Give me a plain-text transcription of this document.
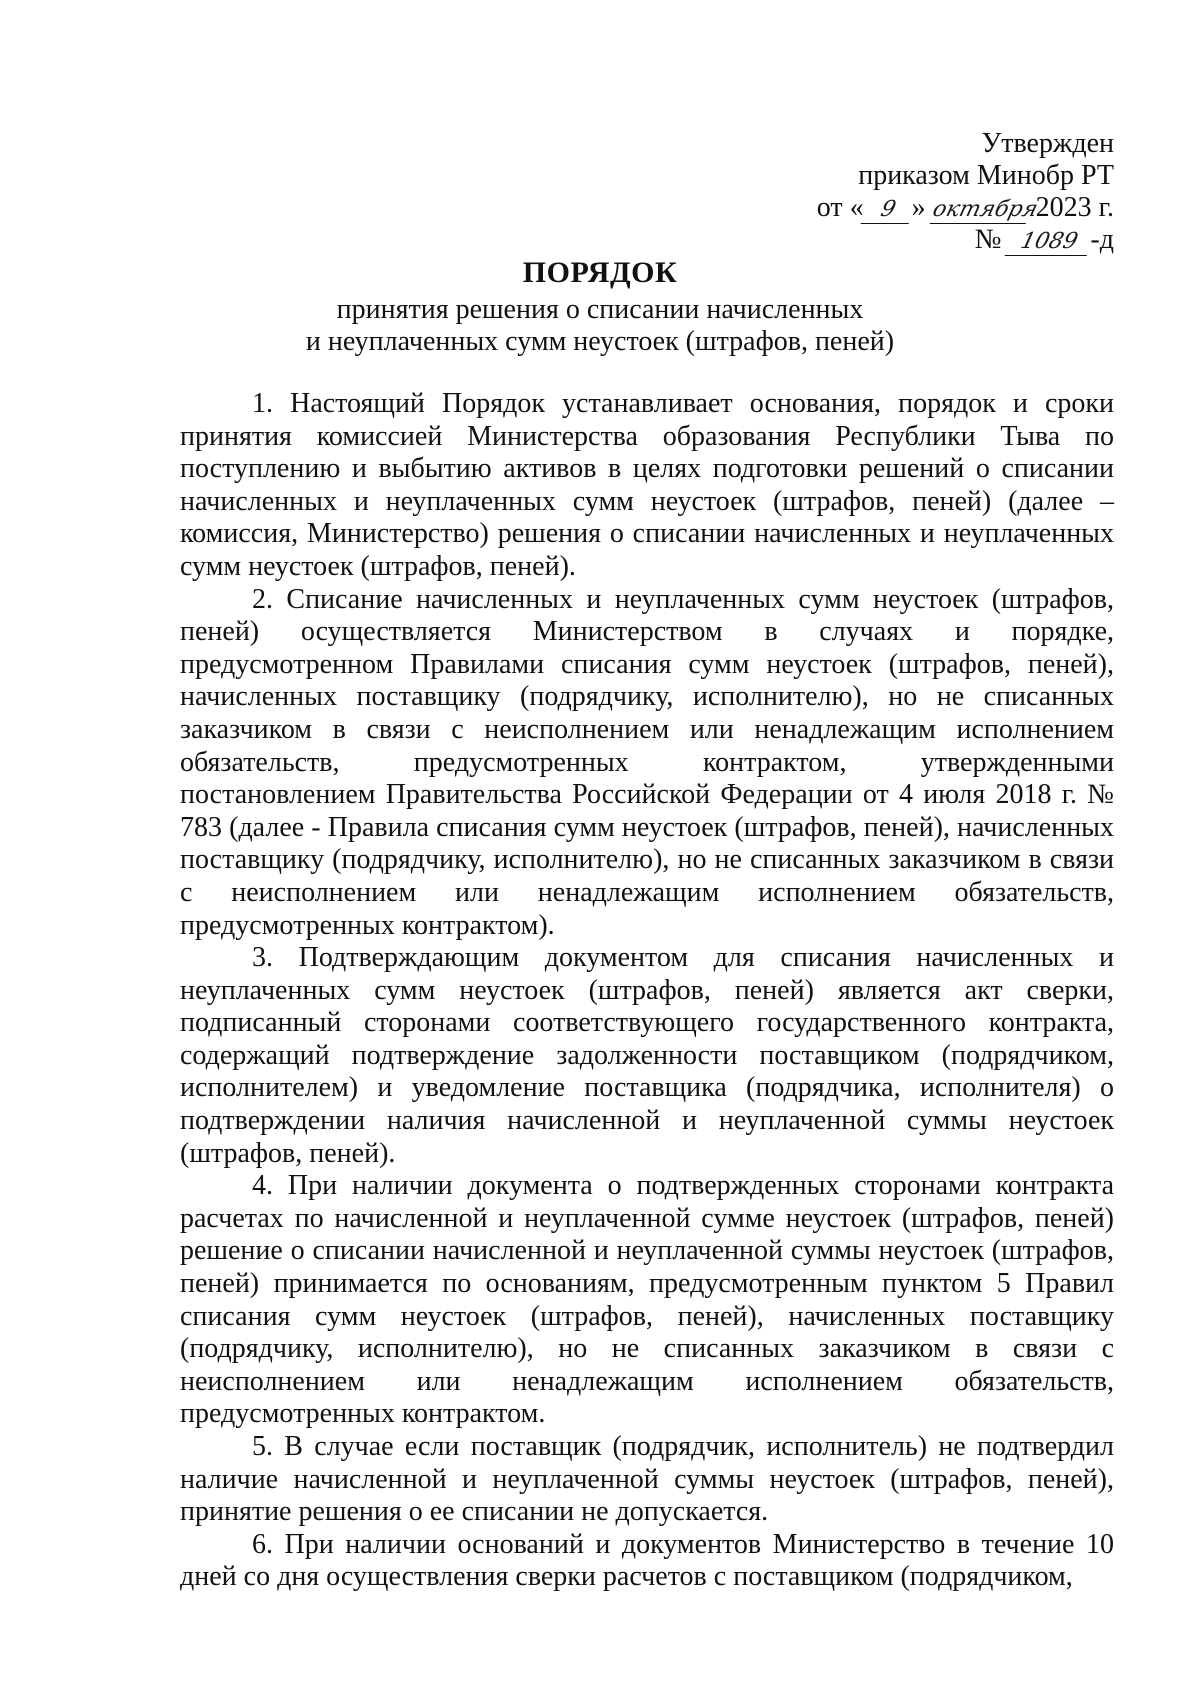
Утвержден
приказом Минобр РТ
от « 9 » октября 2023 г.
№ 1089 -д
ПОРЯДОК
принятия решения о списании начисленных
и неуплаченных сумм неустоек (штрафов, пеней)

1. Настоящий Порядок устанавливает основания, порядок и сроки принятия комиссией Министерства образования Республики Тыва по поступлению и выбытию активов в целях подготовки решений о списании начисленных и неуплаченных сумм неустоек (штрафов, пеней) (далее – комиссия, Министерство) решения о списании начисленных и неуплаченных сумм неустоек (штрафов, пеней).

2. Списание начисленных и неуплаченных сумм неустоек (штрафов, пеней) осуществляется Министерством в случаях и порядке, предусмотренном Правилами списания сумм неустоек (штрафов, пеней), начисленных поставщику (подрядчику, исполнителю), но не списанных заказчиком в связи с неисполнением или ненадлежащим исполнением обязательств, предусмотренных контрактом, утвержденными постановлением Правительства Российской Федерации от 4 июля 2018 г. № 783 (далее - Правила списания сумм неустоек (штрафов, пеней), начисленных поставщику (подрядчику, исполнителю), но не списанных заказчиком в связи с неисполнением или ненадлежащим исполнением обязательств, предусмотренных контрактом).

3. Подтверждающим документом для списания начисленных и неуплаченных сумм неустоек (штрафов, пеней) является акт сверки, подписанный сторонами соответствующего государственного контракта, содержащий подтверждение задолженности поставщиком (подрядчиком, исполнителем) и уведомление поставщика (подрядчика, исполнителя) о подтверждении наличия начисленной и неуплаченной суммы неустоек (штрафов, пеней).

4. При наличии документа о подтвержденных сторонами контракта расчетах по начисленной и неуплаченной сумме неустоек (штрафов, пеней) решение о списании начисленной и неуплаченной суммы неустоек (штрафов, пеней) принимается по основаниям, предусмотренным пунктом 5 Правил списания сумм неустоек (штрафов, пеней), начисленных поставщику (подрядчику, исполнителю), но не списанных заказчиком в связи с неисполнением или ненадлежащим исполнением обязательств, предусмотренных контрактом.

5. В случае если поставщик (подрядчик, исполнитель) не подтвердил наличие начисленной и неуплаченной суммы неустоек (штрафов, пеней), принятие решения о ее списании не допускается.

6. При наличии оснований и документов Министерство в течение 10 дней со дня осуществления сверки расчетов с поставщиком (подрядчиком,
